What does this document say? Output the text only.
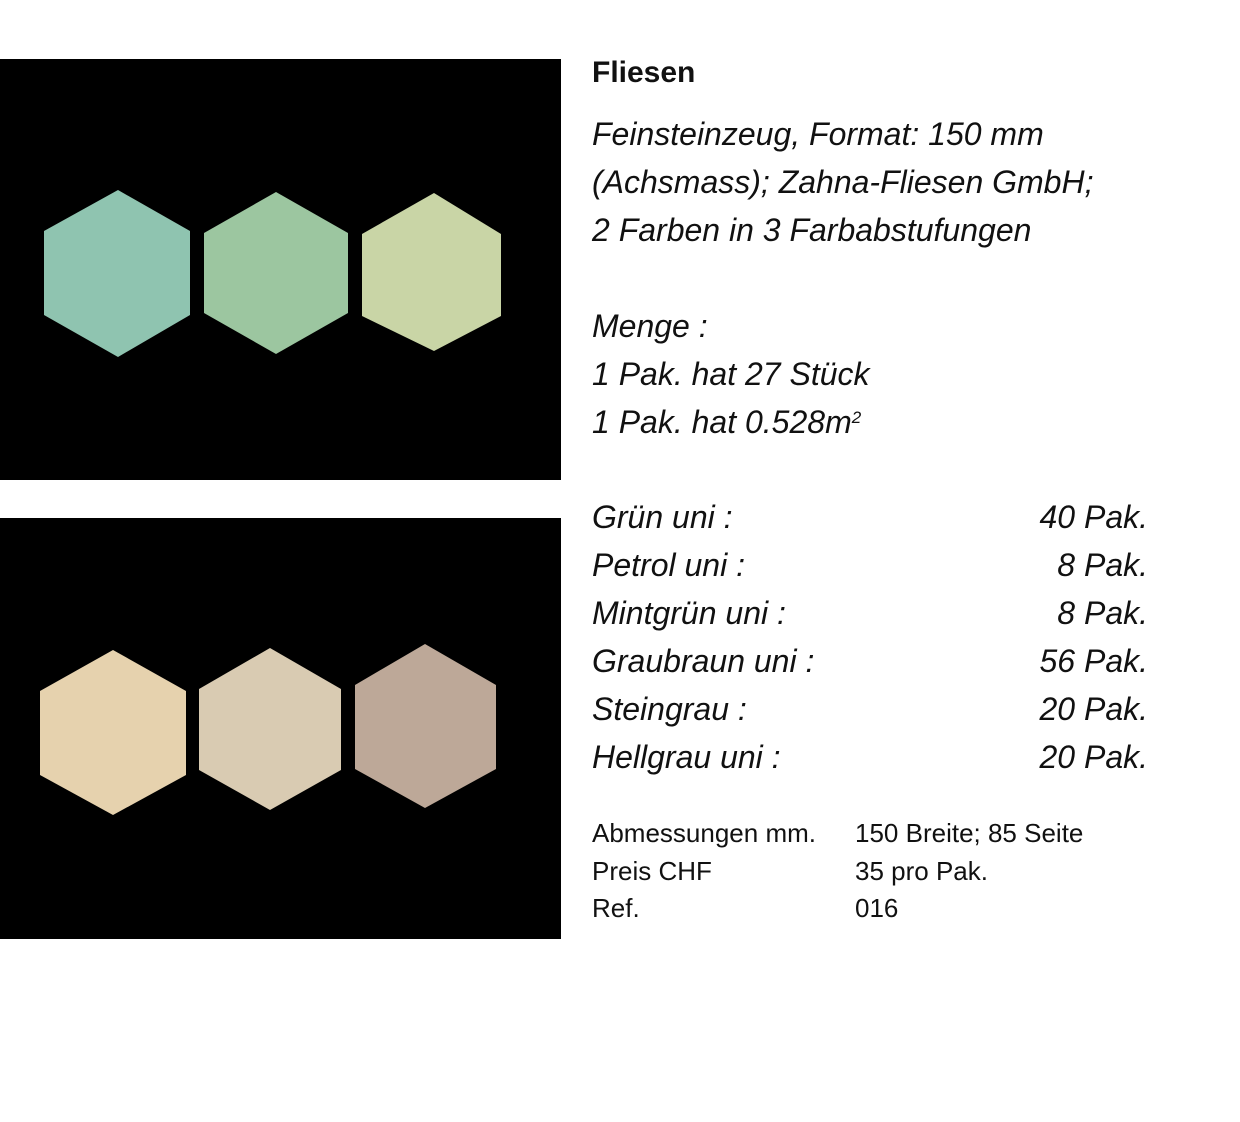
Fliesen
Feinsteinzeug, Format: 150 mm
(Achsmass); Zahna-Fliesen GmbH;
2 Farben in 3 Farbabstufungen
Menge :
1 Pak. hat 27 Stück
1 Pak. hat $0.528m^2$
Grün uni :	40 Pak.
Petrol uni :	8 Pak.
Mintgrün uni :	8 Pak.
Graubraun uni :	56 Pak.
Steingrau :	20 Pak.
Hellgrau uni :	20 Pak.
Abmessungen mm.	150 Breite; 85 Seite
Preis CHF	35 pro Pak.
Ref.	016
